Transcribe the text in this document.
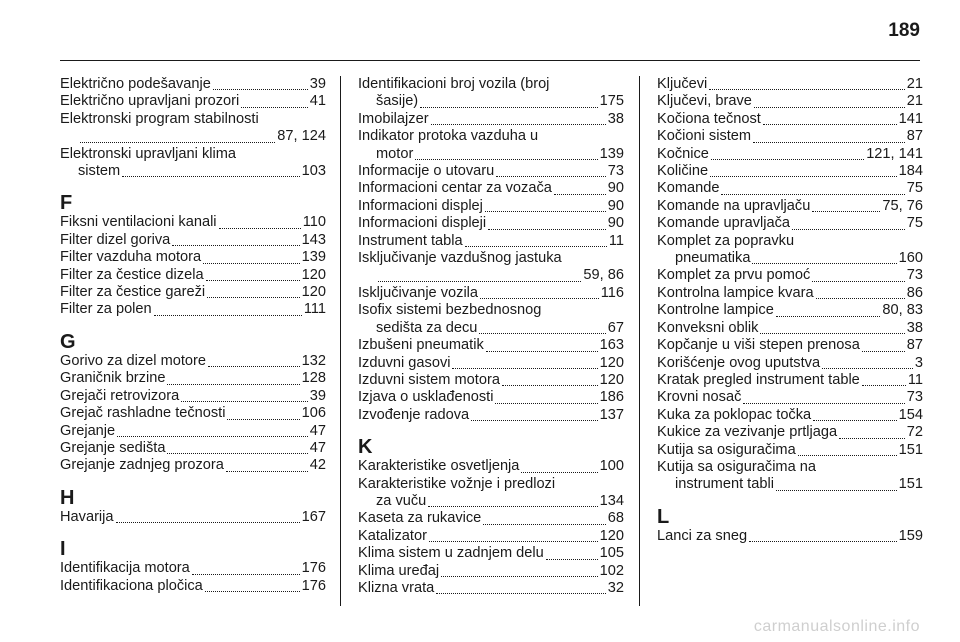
189
Električno podešavanje	39
Električno upravljani prozori	41
Elektronski program stabilnosti
87, 124
Elektronski upravljani klima
sistem	103
F
Fiksni ventilacioni kanali	110
Filter dizel goriva	143
Filter vazduha motora	139
Filter za čestice dizela	120
Filter za čestice gareži	120
Filter za polen	111
G
Gorivo za dizel motore	132
Graničnik brzine	128
Grejači retrovizora	39
Grejač rashladne tečnosti	106
Grejanje	47
Grejanje sedišta	47
Grejanje zadnjeg prozora	42
H
Havarija	167
I
Identifikacija motora	176
Identifikaciona pločica	176
Identifikacioni broj vozila (broj
šasije)	175
Imobilajzer	38
Indikator protoka vazduha u
motor	139
Informacije o utovaru	73
Informacioni centar za vozača	90
Informacioni displej	90
Informacioni displeji	90
Instrument tabla	11
Isključivanje vazdušnog jastuka
59, 86
Isključivanje vozila	116
Isofix sistemi bezbednosnog
sedišta za decu	67
Izbušeni pneumatik	163
Izduvni gasovi	120
Izduvni sistem motora	120
Izjava o usklađenosti	186
Izvođenje radova	137
K
Karakteristike osvetljenja	100
Karakteristike vožnje i predlozi
za vuču	134
Kaseta za rukavice	68
Katalizator	120
Klima sistem u zadnjem delu	105
Klima uređaj	102
Klizna vrata	32
Ključevi	21
Ključevi, brave	21
Kočiona tečnost	141
Kočioni sistem	87
Kočnice	121, 141
Količine	184
Komande	75
Komande na upravljaču	75, 76
Komande upravljača	75
Komplet za popravku
pneumatika	160
Komplet za prvu pomoć	73
Kontrolna lampice kvara	86
Kontrolne lampice	80, 83
Konveksni oblik	38
Kopčanje u viši stepen prenosa	87
Korišćenje ovog uputstva	3
Kratak pregled instrument table	11
Krovni nosač	73
Kuka za poklopac točka	154
Kukice za vezivanje prtljaga	72
Kutija sa osiguračima	151
Kutija sa osiguračima na
instrument tabli	151
L
Lanci za sneg	159
carmanualsonline.info
